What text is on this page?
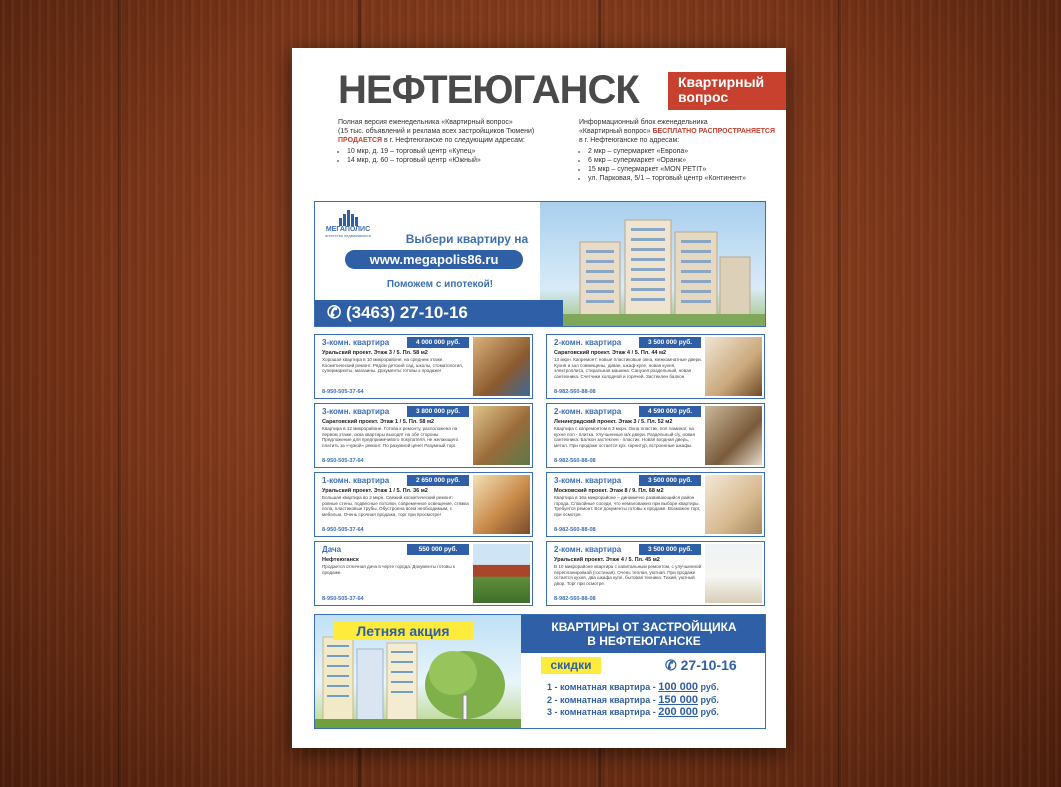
НЕФТЕЮГАНСК	Квартирный
вопрос
Полная версия еженедельника «Квартирный вопрос»
(15 тыс. объявлений и реклама всех застройщиков Тюмени)
ПРОДАЕТСЯ в г. Нефтеюганске по следующим адресам:
• 10 мкр, д. 19 – торговый центр «Купец»
• 14 мкр, д. 60 – торговый центр «Южный»
Информационный блок еженедельника
«Квартирный вопрос» БЕСПЛАТНО РАСПРОСТРАНЯЕТСЯ
в г. Нефтеюганске по адресам:
• 2 мкр – супермаркет «Европа»
• 6 мкр – супермаркет «Оранж»
• 15 мкр – супермаркет «MON PETIT»
• ул. Парковая, 5/1 – торговый центр «Континент»
МЕГАПОЛИС
агентство недвижимости	Выбери квартиру на
www.megapolis86.ru
Поможем с ипотекой!
✆ (3463) 27-10-16
3-комн. квартира	4 000 000 руб.
Уральский проект. Этаж 3 / 5. Пл. 58 м2
Хорошая квартира в 10 микрорайоне, на среднем этаже. Косметический ремонт. Рядом детский сад, школы, стоматология, супермаркеты, магазины. Документы готовы к продаже!
8-950-505-37-64
2-комн. квартира	3 500 000 руб.
Саратовский проект. Этаж 4 / 5. Пл. 44 м2
13 мкрн. Капремонт: новые пластиковые окна, межкомнатные двери. Кухня и зал совмещены, диван, шкаф-купе, новая кухня, электроплита, стиральная машина. Санузел раздельный, новая сантехника. Счетчики холодной и горячей. Застеклен балкон.
8-982-560-88-08
3-комн. квартира	3 800 000 руб.
Саратовский проект. Этаж 1 / 5. Пл. 58 м2
Квартира в 12 микрорайоне. Готова к ремонту, расположена на первом этаже, окна квартиры выходят на обе стороны. Предложение для предприимчивого покупателя, не желающего платить за «чужой» ремонт. По разумной цене! Разумный торг.
8-950-505-37-64
2-комн. квартира	4 590 000 руб.
Ленинградский проект. Этаж 3 / 5. Пл. 52 м2
Квартира с капремонтом в 3 мкрн. Окна пластик, пол ламинат, на кухне пол - плитка. Улучшенные м/к двери. Раздельный с/у, новая сантехника. Балкон застеклен - пластик. Новая входная дверь, метал. При продаже остается кух. гарнитур, встроенные шкафы.
8-982-560-88-08
1-комн. квартира	2 650 000 руб.
Уральский проект. Этаж 1 / 5. Пл. 36 м2
Большая квартира во 2 мкрн. Свежий косметический ремонт: ровные стены, подвесные потолки, современное освещение, стяжка пола, пластиковые трубы. Обустроена всем необходимым, с мебелью. Очень срочная продажа, торг при просмотре!
8-950-505-37-64
3-комн. квартира	3 500 000 руб.
Московский проект. Этаж 8 / 9. Пл. 68 м2
Квартира в 16а микрорайоне – динамично развивающийся район города. Спокойные соседи, что немаловажно при выборе квартиры. Требуется ремонт. Все документы готовы к продаже. Возможен торг, при осмотре.
8-982-560-88-08
Дача	550 000 руб.
Нефтеюганск
Продается отличная дача в черте города. Документы готовы к продаже.
8-950-505-37-64
2-комн. квартира	3 500 000 руб.
Уральский проект. Этаж 4 / 5. Пл. 45 м2
В 10 микрорайоне квартира с капитальным ремонтом, с улучшенной перепланировкой (гостиная). Очень теплая, уютная. При продаже остается кухня, два шкафа купе, бытовая техника. Тихий, уютный двор. Торг при осмотре.
8-982-560-88-08
Летняя акция	КВАРТИРЫ ОТ ЗАСТРОЙЩИКА
В НЕФТЕЮГАНСКЕ
скидки	✆ 27-10-16
1 - комнатная квартира - 100 000 руб.
2 - комнатная квартира - 150 000 руб.
3 - комнатная квартира - 200 000 руб.
